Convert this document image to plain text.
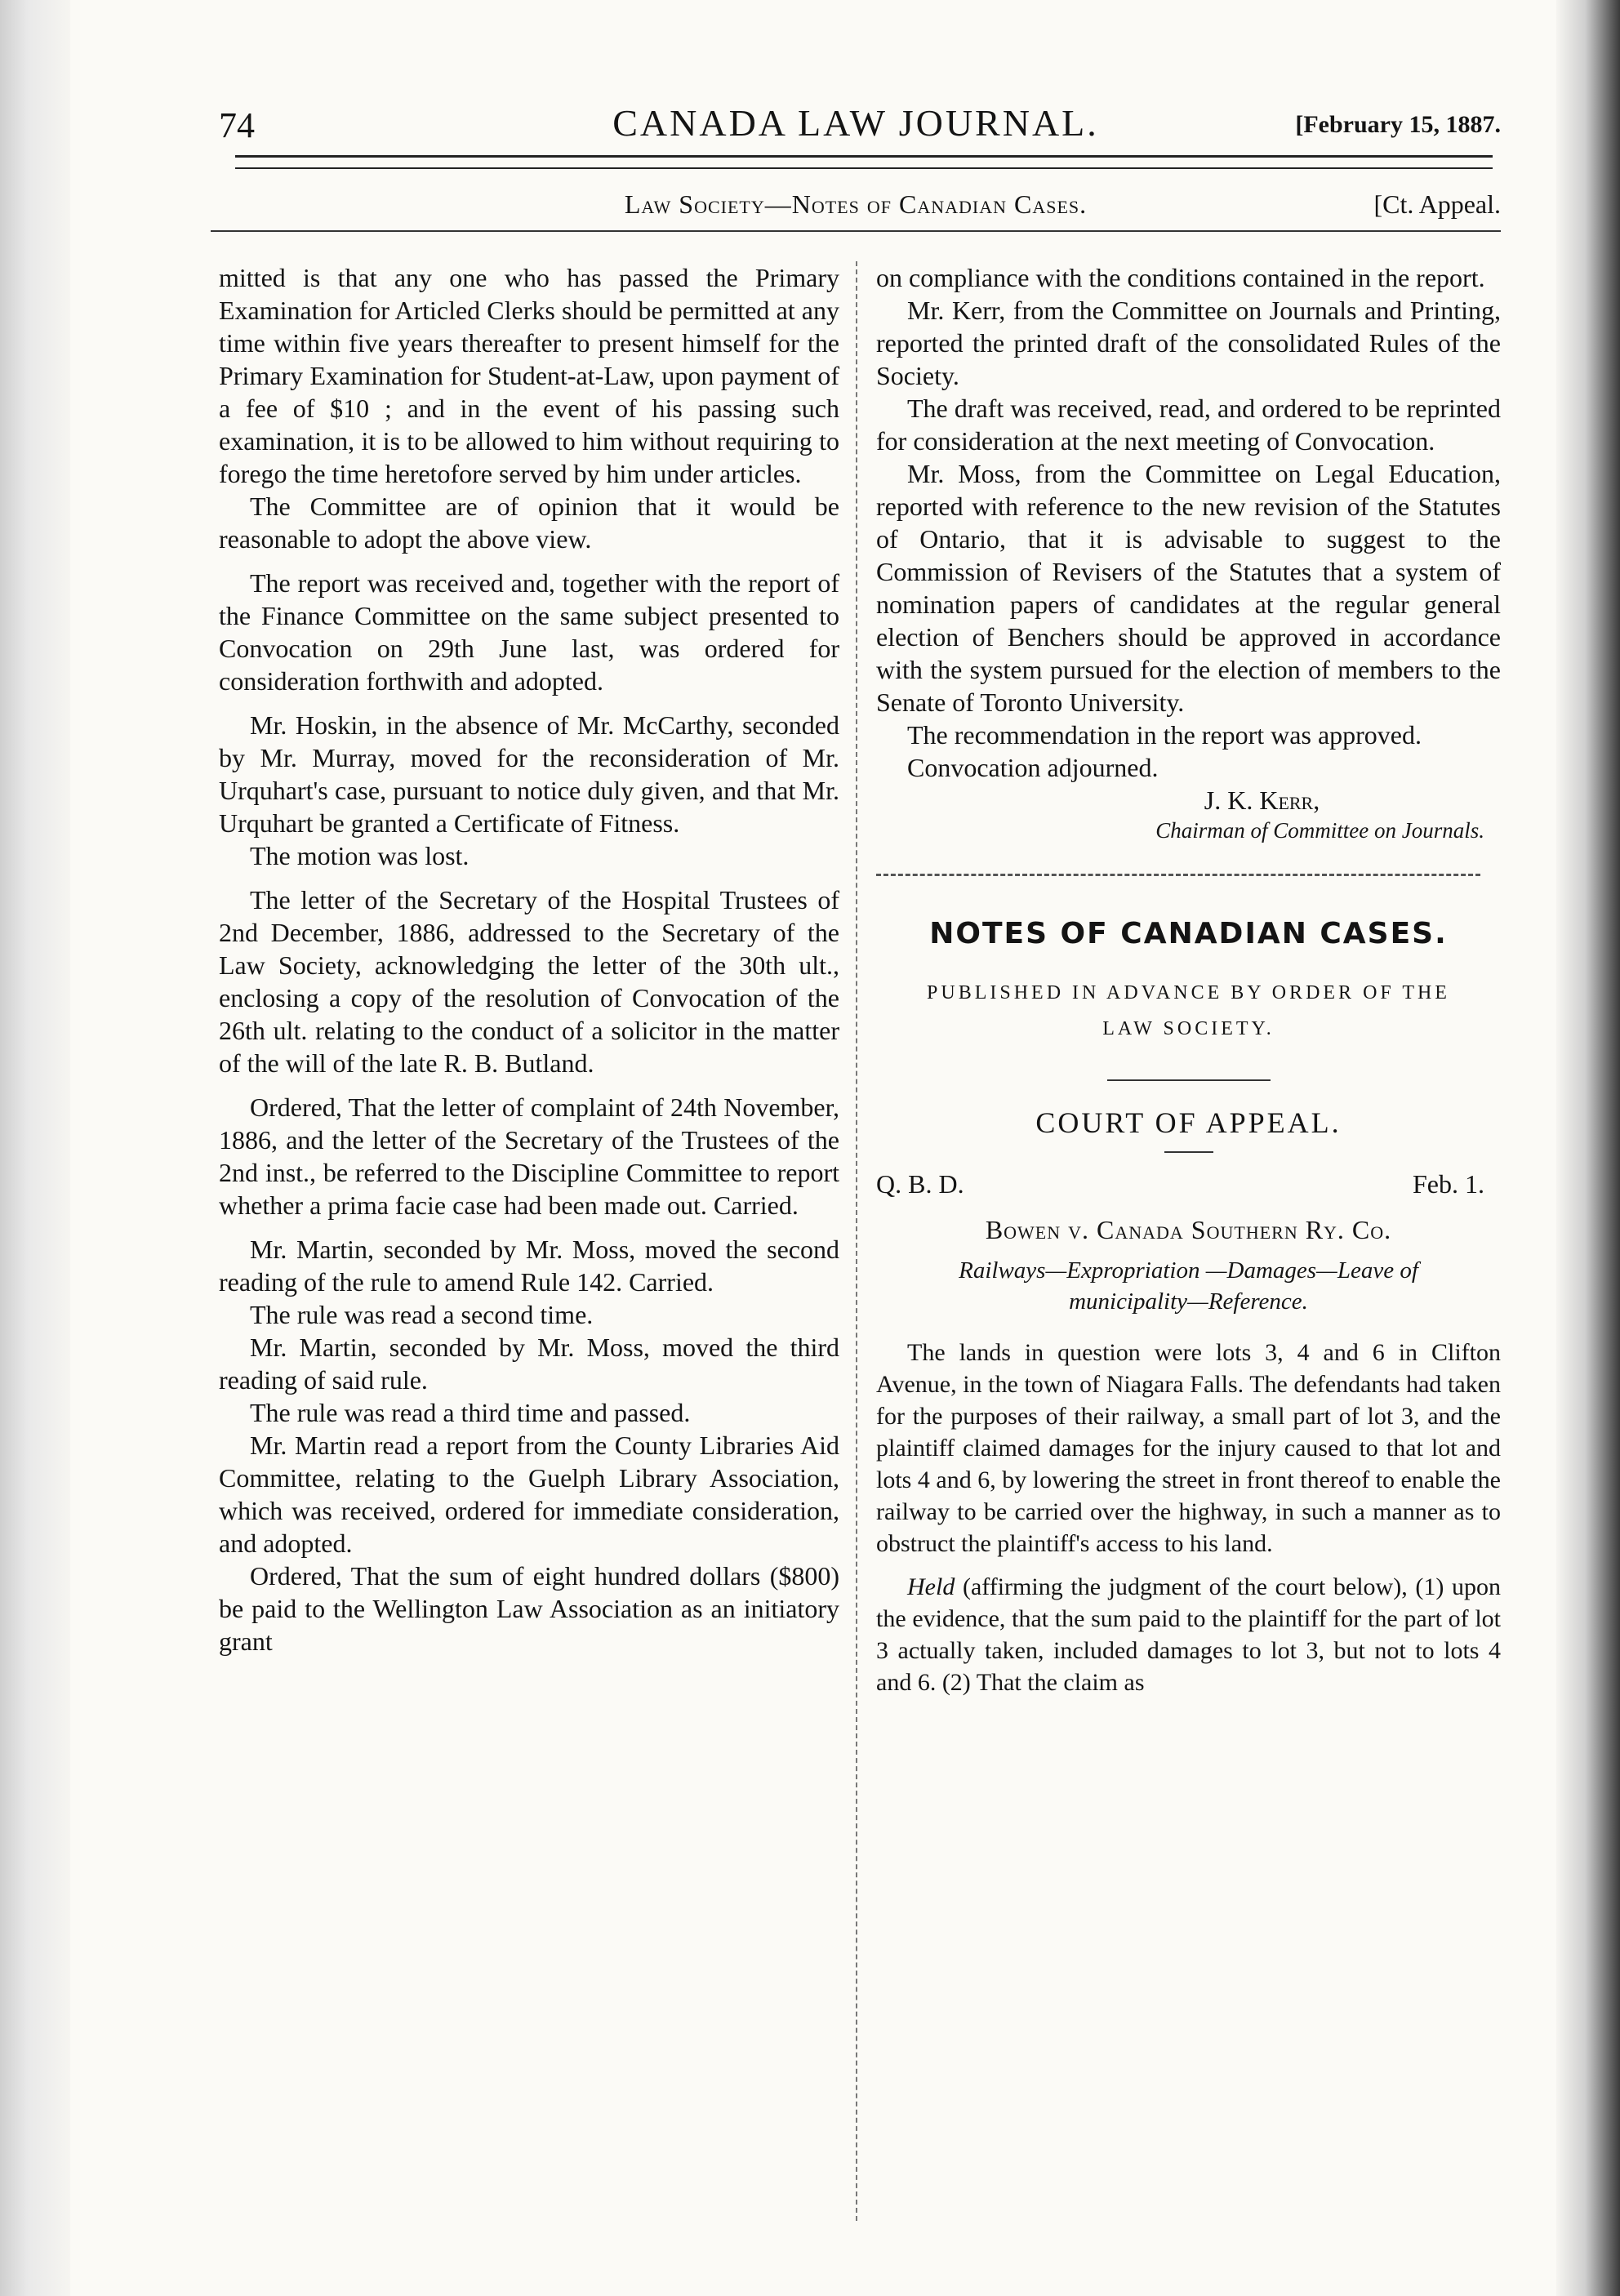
74	CANADA LAW JOURNAL.	[February 15, 1887.
Law Society—Notes of Canadian Cases.	[Ct. Appeal.

mitted is that any one who has passed the Primary Examination for Articled Clerks should be permitted at any time within five years thereafter to present himself for the Primary Examination for Student-at-Law, upon payment of a fee of $10 ; and in the event of his passing such examination, it is to be allowed to him without requiring to forego the time heretofore served by him under articles.

The Committee are of opinion that it would be reasonable to adopt the above view.

The report was received and, together with the report of the Finance Committee on the same subject presented to Convocation on 29th June last, was ordered for consideration forthwith and adopted.

Mr. Hoskin, in the absence of Mr. McCarthy, seconded by Mr. Murray, moved for the reconsideration of Mr. Urquhart's case, pursuant to notice duly given, and that Mr. Urquhart be granted a Certificate of Fitness.

The motion was lost.

The letter of the Secretary of the Hospital Trustees of 2nd December, 1886, addressed to the Secretary of the Law Society, acknowledging the letter of the 30th ult., enclosing a copy of the resolution of Convocation of the 26th ult. relating to the conduct of a solicitor in the matter of the will of the late R. B. Butland.

Ordered, That the letter of complaint of 24th November, 1886, and the letter of the Secretary of the Trustees of the 2nd inst., be referred to the Discipline Committee to report whether a prima facie case had been made out. Carried.

Mr. Martin, seconded by Mr. Moss, moved the second reading of the rule to amend Rule 142. Carried.

The rule was read a second time.

Mr. Martin, seconded by Mr. Moss, moved the third reading of said rule.

The rule was read a third time and passed.

Mr. Martin read a report from the County Libraries Aid Committee, relating to the Guelph Library Association, which was received, ordered for immediate consideration, and adopted.

Ordered, That the sum of eight hundred dollars ($800) be paid to the Wellington Law Association as an initiatory grant

on compliance with the conditions contained in the report.

Mr. Kerr, from the Committee on Journals and Printing, reported the printed draft of the consolidated Rules of the Society.

The draft was received, read, and ordered to be reprinted for consideration at the next meeting of Convocation.

Mr. Moss, from the Committee on Legal Education, reported with reference to the new revision of the Statutes of Ontario, that it is advisable to suggest to the Commission of Revisers of the Statutes that a system of nomination papers of candidates at the regular general election of Benchers should be approved in accordance with the system pursued for the election of members to the Senate of Toronto University.

The recommendation in the report was approved.

Convocation adjourned.

J. K. Kerr,
Chairman of Committee on Journals.
NOTES OF CANADIAN CASES.
PUBLISHED IN ADVANCE BY ORDER OF THE
LAW SOCIETY.
COURT OF APPEAL.
Q. B. D.	Feb. 1.
Bowen v. Canada Southern Ry. Co.
Railways—Expropriation —Damages—Leave of
municipality—Reference.

The lands in question were lots 3, 4 and 6 in Clifton Avenue, in the town of Niagara Falls. The defendants had taken for the purposes of their railway, a small part of lot 3, and the plaintiff claimed damages for the injury caused to that lot and lots 4 and 6, by lowering the street in front thereof to enable the railway to be carried over the highway, in such a manner as to obstruct the plaintiff's access to his land.

Held (affirming the judgment of the court below), (1) upon the evidence, that the sum paid to the plaintiff for the part of lot 3 actually taken, included damages to lot 3, but not to lots 4 and 6. (2) That the claim as
